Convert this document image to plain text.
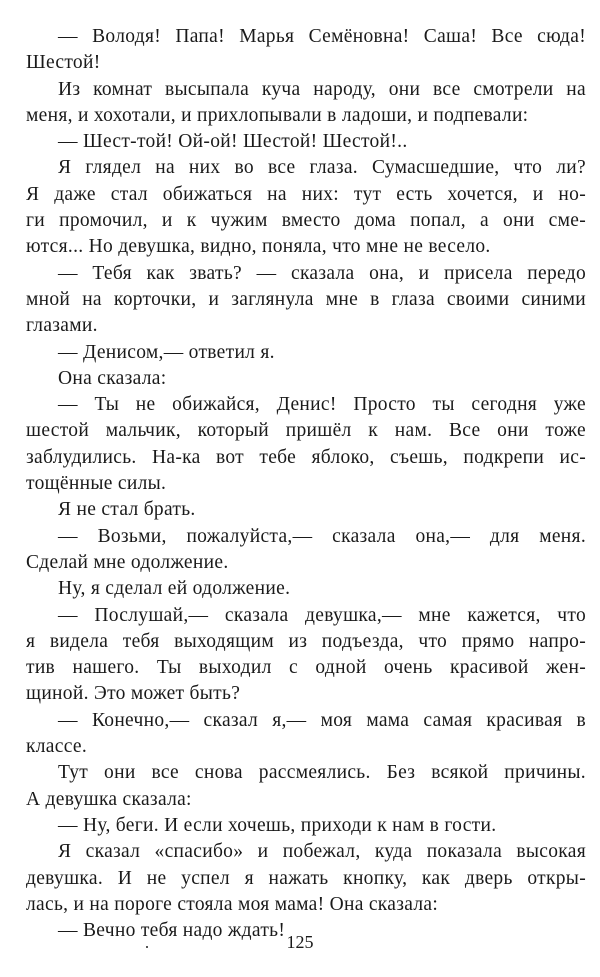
— Володя! Папа! Марья Семёновна! Саша! Все сюда!
Шестой!
Из комнат высыпала куча народу, они все смотрели на
меня, и хохотали, и прихлопывали в ладоши, и подпевали:
— Шест-той! Ой-ой! Шестой! Шестой!..
Я глядел на них во все глаза. Сумасшедшие, что ли?
Я даже стал обижаться на них: тут есть хочется, и но-
ги промочил, и к чужим вместо дома попал, а они сме-
ются... Но девушка, видно, поняла, что мне не весело.
— Тебя как звать? — сказала она, и присела передо
мной на корточки, и заглянула мне в глаза своими синими
глазами.
— Денисом,— ответил я.
Она сказала:
— Ты не обижайся, Денис! Просто ты сегодня уже
шестой мальчик, который пришёл к нам. Все они тоже
заблудились. На-ка вот тебе яблоко, съешь, подкрепи ис-
тощённые силы.
Я не стал брать.
— Возьми, пожалуйста,— сказала она,— для меня.
Сделай мне одолжение.
Ну, я сделал ей одолжение.
— Послушай,— сказала девушка,— мне кажется, что
я видела тебя выходящим из подъезда, что прямо напро-
тив нашего. Ты выходил с одной очень красивой жен-
щиной. Это может быть?
— Конечно,— сказал я,— моя мама самая красивая в
классе.
Тут они все снова рассмеялись. Без всякой причины.
А девушка сказала:
— Ну, беги. И если хочешь, приходи к нам в гости.
Я сказал «спасибо» и побежал, куда показала высокая
девушка. И не успел я нажать кнопку, как дверь откры-
лась, и на пороге стояла моя мама! Она сказала:
— Вечно тебя надо ждать!
125
